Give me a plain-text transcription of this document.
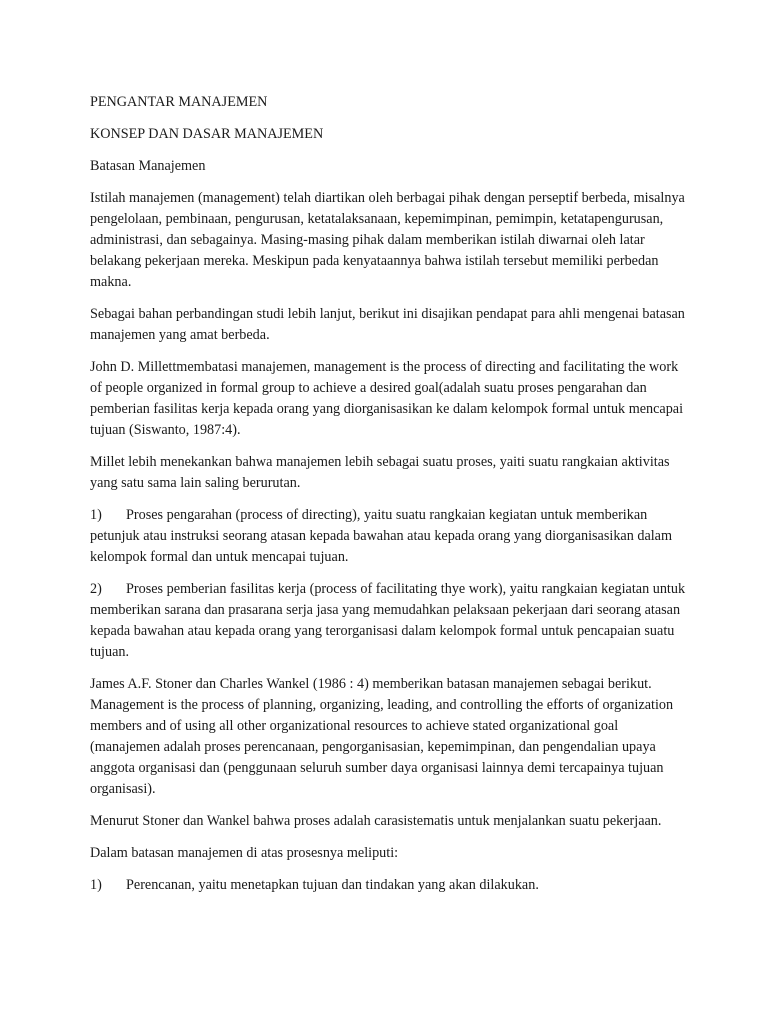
PENGANTAR MANAJEMEN

KONSEP DAN DASAR MANAJEMEN

Batasan Manajemen

Istilah manajemen (management) telah diartikan oleh berbagai pihak dengan perseptif berbeda, misalnya pengelolaan, pembinaan, pengurusan, ketatalaksanaan, kepemimpinan, pemimpin, ketatapengurusan, administrasi, dan sebagainya. Masing-masing pihak dalam memberikan istilah diwarnai oleh latar belakang pekerjaan mereka. Meskipun pada kenyataannya bahwa istilah tersebut memiliki perbedan makna.

Sebagai bahan perbandingan studi lebih lanjut, berikut ini disajikan pendapat para ahli mengenai batasan manajemen yang amat berbeda.

John D. Millettmembatasi manajemen, management is the process of directing and facilitating the work of people organized in formal group to achieve a desired goal(adalah suatu proses pengarahan dan pemberian fasilitas kerja kepada orang yang diorganisasikan ke dalam kelompok formal untuk mencapai tujuan (Siswanto, 1987:4).

Millet lebih menekankan bahwa manajemen lebih sebagai suatu proses, yaiti suatu rangkaian aktivitas yang satu sama lain saling berurutan.

1) Proses pengarahan (process of directing), yaitu suatu rangkaian kegiatan untuk memberikan petunjuk atau instruksi seorang atasan kepada bawahan atau kepada orang yang diorganisasikan dalam kelompok formal dan untuk mencapai tujuan.
2) Proses pemberian fasilitas kerja (process of facilitating thye work), yaitu rangkaian kegiatan untuk memberikan sarana dan prasarana serja jasa yang memudahkan pelaksaan pekerjaan dari seorang atasan kepada bawahan atau kepada orang yang terorganisasi dalam kelompok formal untuk pencapaian suatu tujuan.

James A.F. Stoner dan Charles Wankel (1986 : 4) memberikan batasan manajemen sebagai berikut. Management is the process of planning, organizing, leading, and controlling the efforts of organization members and of using all other organizational resources to achieve stated organizational goal (manajemen adalah proses perencanaan, pengorganisasian, kepemimpinan, dan pengendalian upaya anggota organisasi dan (penggunaan seluruh sumber daya organisasi lainnya demi tercapainya tujuan organisasi).

Menurut Stoner dan Wankel bahwa proses adalah carasistematis untuk menjalankan suatu pekerjaan.

Dalam batasan manajemen di atas prosesnya meliputi:

1) Perencanan, yaitu menetapkan tujuan dan tindakan yang akan dilakukan.
